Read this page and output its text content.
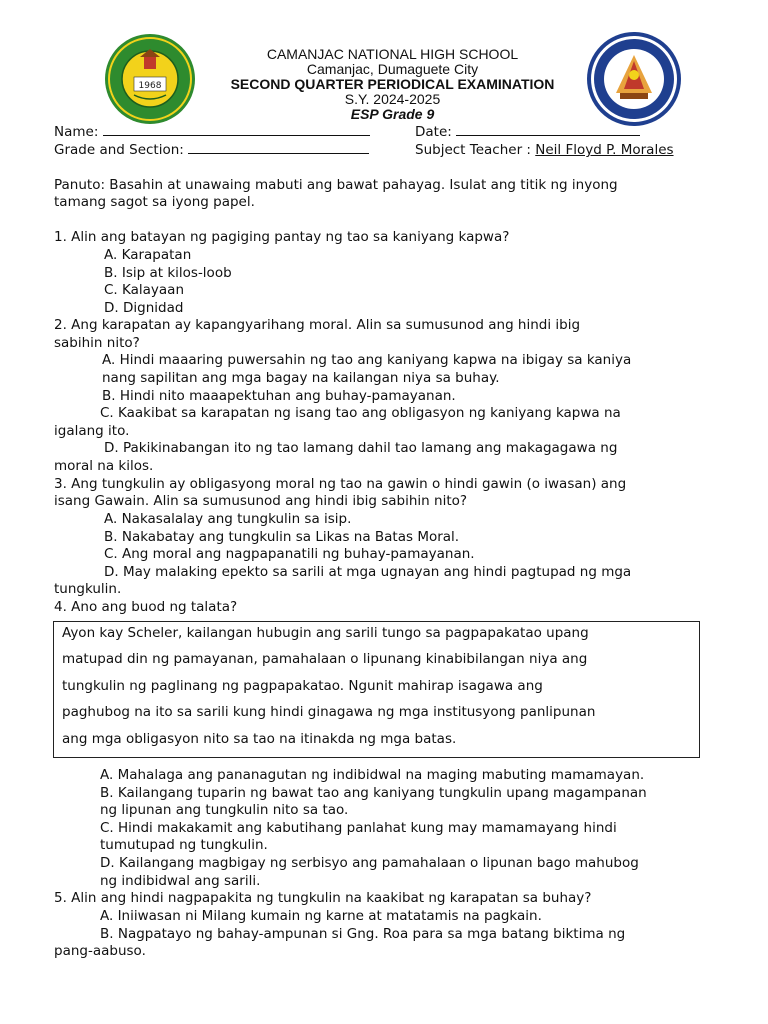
1968
CAMANJAC NATIONAL HIGH SCHOOL
Camanjac, Dumaguete City
SECOND QUARTER PERIODICAL EXAMINATION
S.Y. 2024-2025
ESP Grade 9
Name:	Date:
Grade and Section:	Subject Teacher : Neil Floyd P. Morales
Panuto: Basahin at unawaing mabuti ang bawat pahayag. Isulat ang titik ng inyong
tamang sagot sa iyong papel.
1. Alin ang batayan ng pagiging pantay ng tao sa kaniyang kapwa?
A. Karapatan
B. Isip at kilos-loob
C. Kalayaan
D. Dignidad
2. Ang karapatan ay kapangyarihang moral. Alin sa sumusunod ang hindi ibig
sabihin nito?
A. Hindi maaaring puwersahin ng tao ang kaniyang kapwa na ibigay sa kaniya
nang sapilitan ang mga bagay na kailangan niya sa buhay.
B. Hindi nito maaapektuhan ang buhay-pamayanan.
C. Kaakibat sa karapatan ng isang tao ang obligasyon ng kaniyang kapwa na
igalang ito.
D. Pakikinabangan ito ng tao lamang dahil tao lamang ang makagagawa ng
moral na kilos.
3. Ang tungkulin ay obligasyong moral ng tao na gawin o hindi gawin (o iwasan) ang
isang Gawain. Alin sa sumusunod ang hindi ibig sabihin nito?
A. Nakasalalay ang tungkulin sa isip.
B. Nakabatay ang tungkulin sa Likas na Batas Moral.
C. Ang moral ang nagpapanatili ng buhay-pamayanan.
D. May malaking epekto sa sarili at mga ugnayan ang hindi pagtupad ng mga
tungkulin.
4. Ano ang buod ng talata?
Ayon kay Scheler, kailangan hubugin ang sarili tungo sa pagpapakatao upang
matupad din ng pamayanan, pamahalaan o lipunang kinabibilangan niya ang
tungkulin ng paglinang ng pagpapakatao. Ngunit mahirap isagawa ang
paghubog na ito sa sarili kung hindi ginagawa ng mga institusyong panlipunan
ang mga obligasyon nito sa tao na itinakda ng mga batas.
A. Mahalaga ang pananagutan ng indibidwal na maging mabuting mamamayan.
B. Kailangang tuparin ng bawat tao ang kaniyang tungkulin upang magampanan
ng lipunan ang tungkulin nito sa tao.
C. Hindi makakamit ang kabutihang panlahat kung may mamamayang hindi
tumutupad ng tungkulin.
D. Kailangang magbigay ng serbisyo ang pamahalaan o lipunan bago mahubog
ng indibidwal ang sarili.
5. Alin ang hindi nagpapakita ng tungkulin na kaakibat ng karapatan sa buhay?
A. Iniiwasan ni Milang kumain ng karne at matatamis na pagkain.
B. Nagpatayo ng bahay-ampunan si Gng. Roa para sa mga batang biktima ng
pang-aabuso.
